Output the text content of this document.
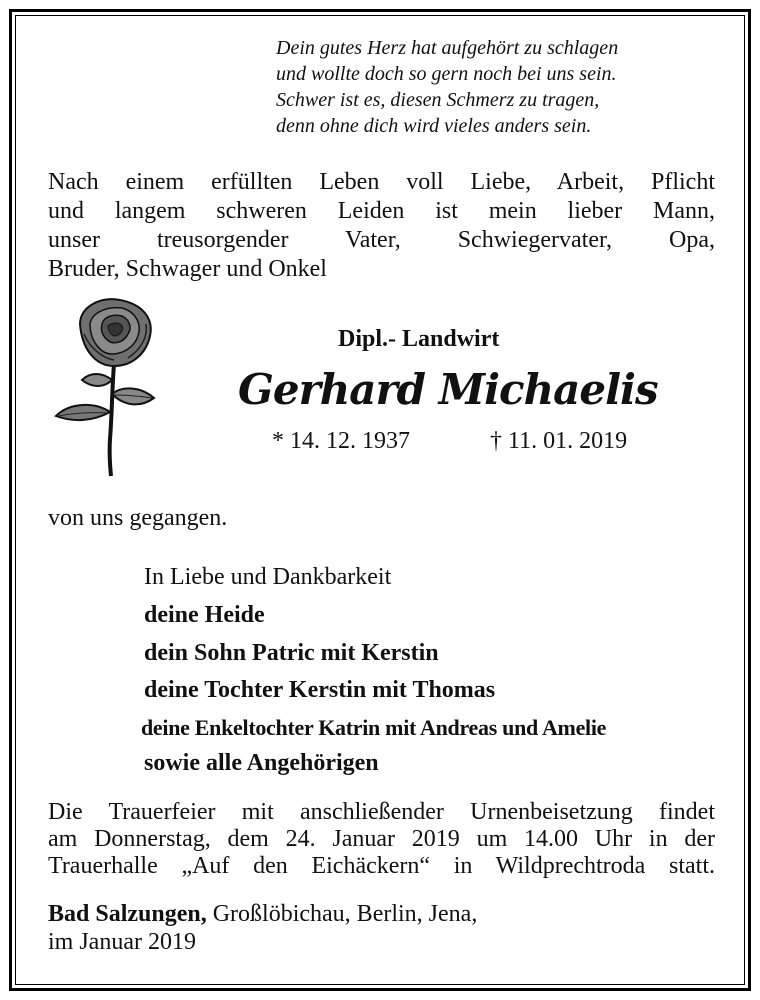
Dein gutes Herz hat aufgehört zu schlagen
und wollte doch so gern noch bei uns sein.
Schwer ist es, diesen Schmerz zu tragen,
denn ohne dich wird vieles anders sein.
Nach einem erfüllten Leben voll Liebe, Arbeit, Pflicht
und langem schweren Leiden ist mein lieber Mann,
unser treusorgender Vater, Schwiegervater, Opa,
Bruder, Schwager und Onkel
Dipl.- Landwirt
Gerhard Michaelis
* 14. 12. 1937	† 11. 01. 2019
von uns gegangen.
In Liebe und Dankbarkeit
deine Heide
dein Sohn Patric mit Kerstin
deine Tochter Kerstin mit Thomas
deine Enkeltochter Katrin mit Andreas und Amelie
sowie alle Angehörigen
Die Trauerfeier mit anschließender Urnenbeisetzung findet
am Donnerstag, dem 24. Januar 2019 um 14.00 Uhr in der
Trauerhalle „Auf den Eichäckern“ in Wildprechtroda statt.
Bad Salzungen, Großlöbichau, Berlin, Jena,
im Januar 2019
